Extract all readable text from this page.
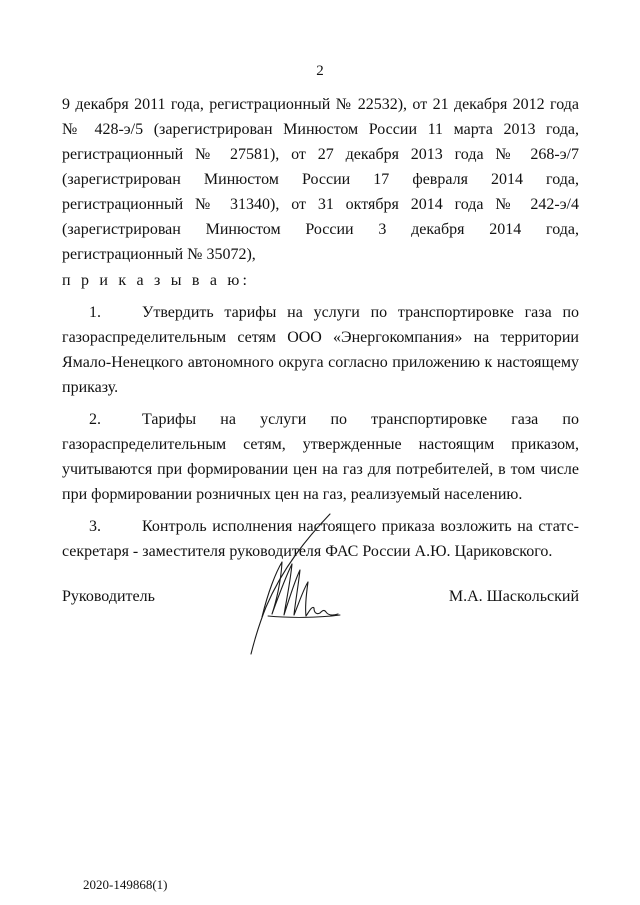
2

9 декабря 2011 года, регистрационный № 22532), от 21 декабря 2012 года № 428-э/5 (зарегистрирован Минюстом России 11 марта 2013 года, регистрационный № 27581), от 27 декабря 2013 года № 268-э/7 (зарегистрирован Минюстом России 17 февраля 2014 года, регистрационный № 31340), от 31 октября 2014 года № 242-э/4 (зарегистрирован Минюстом России 3 декабря 2014 года, регистрационный № 35072),

п р и к а з ы в а ю:

1.	Утвердить тарифы на услуги по транспортировке газа по газораспределительным сетям ООО «Энергокомпания» на территории Ямало-Ненецкого автономного округа согласно приложению к настоящему приказу.

2.	Тарифы на услуги по транспортировке газа по газораспределительным сетям, утвержденные настоящим приказом, учитываются при формировании цен на газ для потребителей, в том числе при формировании розничных цен на газ, реализуемый населению.

3.	Контроль исполнения настоящего приказа возложить на статс-секретаря - заместителя руководителя ФАС России А.Ю. Цариковского.

Руководитель	М.А. Шаскольский
2020-149868(1)
